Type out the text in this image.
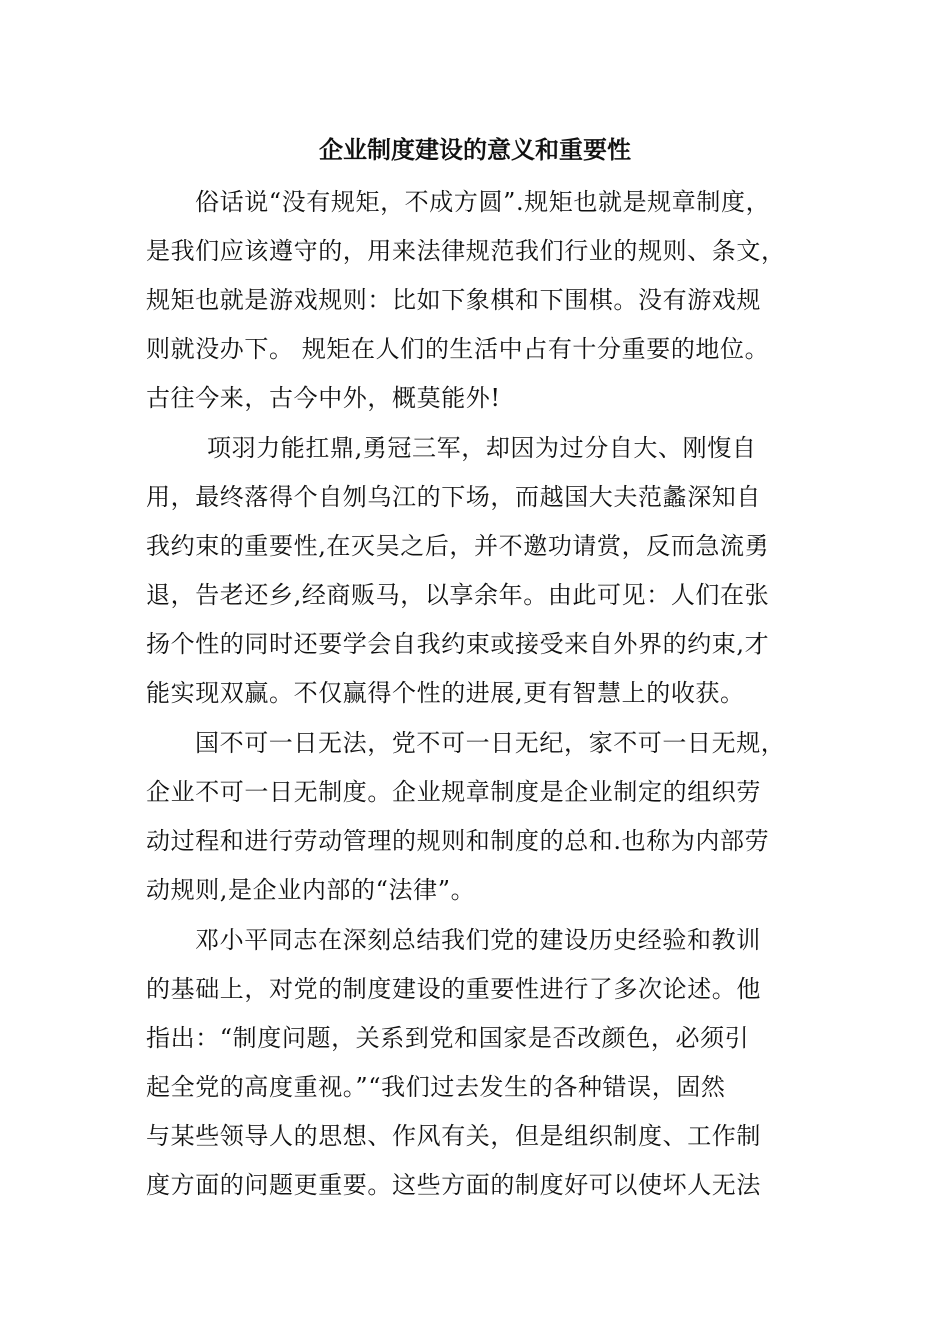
企业制度建设的意义和重要性
俗话说“没有规矩，不成方圆”.规矩也就是规章制度，
是我们应该遵守的，用来法律规范我们行业的规则、条文，
规矩也就是游戏规则：比如下象棋和下围棋。没有游戏规
则就没办下。 规矩在人们的生活中占有十分重要的地位。
古往今来，古今中外，概莫能外!
项羽力能扛鼎,勇冠三军，却因为过分自大、刚愎自
用，最终落得个自刎乌江的下场，而越国大夫范蠡深知自
我约束的重要性,在灭吴之后，并不邀功请赏，反而急流勇
退，告老还乡,经商贩马，以享余年。由此可见：人们在张
扬个性的同时还要学会自我约束或接受来自外界的约束,才
能实现双赢。不仅赢得个性的进展,更有智慧上的收获。
国不可一日无法，党不可一日无纪，家不可一日无规，
企业不可一日无制度。企业规章制度是企业制定的组织劳
动过程和进行劳动管理的规则和制度的总和.也称为内部劳
动规则,是企业内部的“法律”。
邓小平同志在深刻总结我们党的建设历史经验和教训
的基础上，对党的制度建设的重要性进行了多次论述。他
指出：“制度问题，关系到党和国家是否改颜色，必须引
起全党的高度重视。”“我们过去发生的各种错误，固然
与某些领导人的思想、作风有关，但是组织制度、工作制
度方面的问题更重要。这些方面的制度好可以使坏人无法
